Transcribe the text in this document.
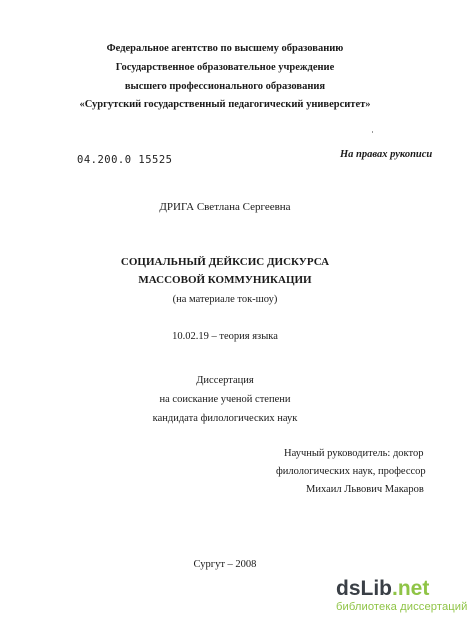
Федеральное агентство по высшему образованию
Государственное образовательное учреждение
высшего профессионального образования
«Сургутский государственный педагогический университет»
04.200.0 15525	На правах рукописи
ДРИГА Светлана Сергеевна
СОЦИАЛЬНЫЙ ДЕЙКСИС ДИСКУРСА
МАССОВОЙ КОММУНИКАЦИИ
(на материале ток-шоу)
10.02.19 – теория языка
Диссертация
на соискание ученой степени
кандидата филологических наук
Научный руководитель: доктор
филологических наук, профессор
Михаил Львович Макаров
Сургут – 2008
dsLib.net
библиотека диссертаций
